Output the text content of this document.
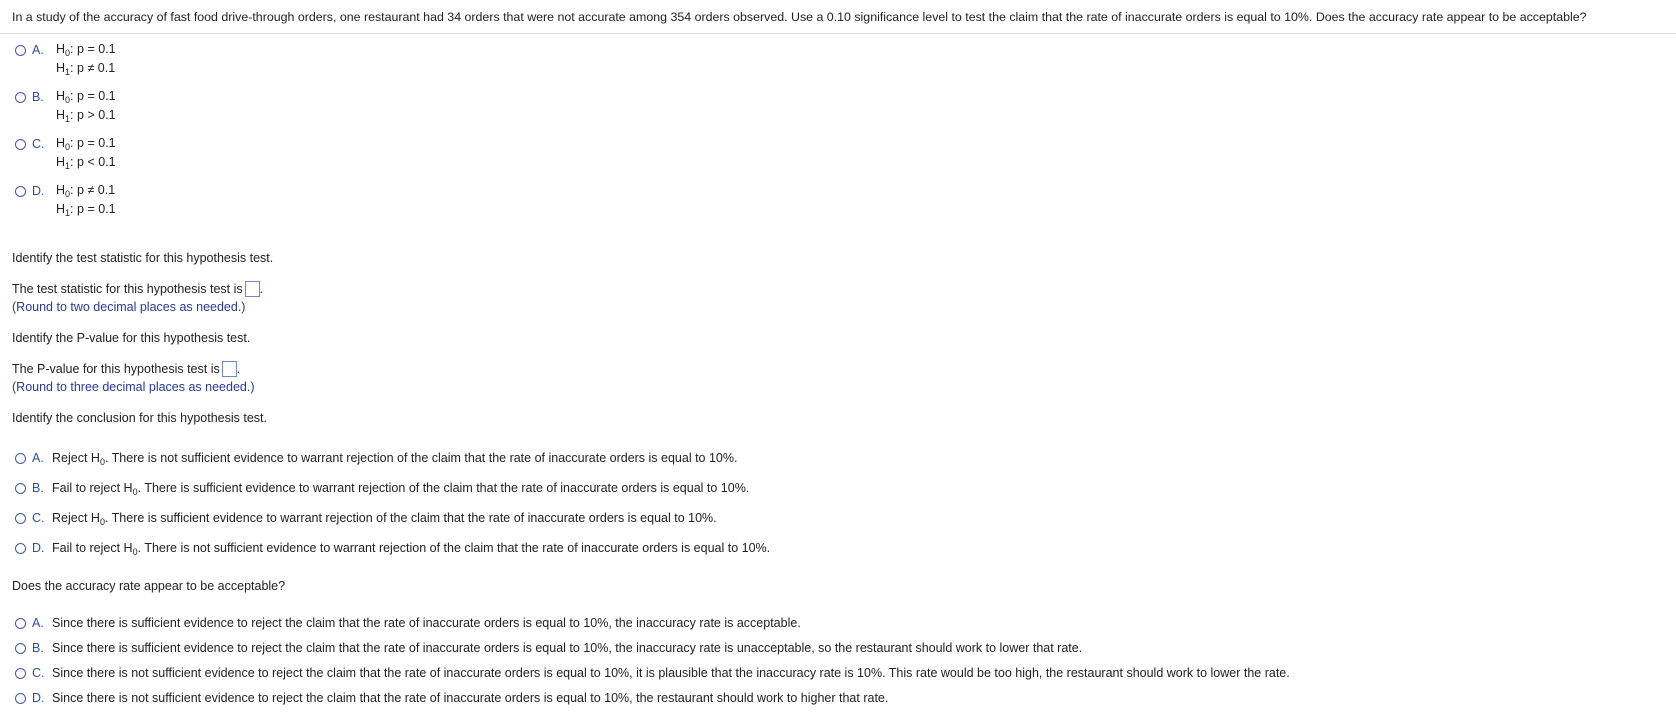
In a study of the accuracy of fast food drive-through orders, one restaurant had 34 orders that were not accurate among 354 orders observed. Use a 0.10 significance level to test the claim that the rate of inaccurate orders is equal to 10%. Does the accuracy rate appear to be acceptable?
A. $H_0$: p = 0.1
$H_1$: p ≠ 0.1
B. $H_0$: p = 0.1
$H_1$: p > 0.1
C. $H_0$: p = 0.1
$H_1$: p < 0.1
D. $H_0$: p ≠ 0.1
$H_1$: p = 0.1
Identify the test statistic for this hypothesis test.
The test statistic for this hypothesis test is .
(Round to two decimal places as needed.)
Identify the P-value for this hypothesis test.
The P-value for this hypothesis test is .
(Round to three decimal places as needed.)
Identify the conclusion for this hypothesis test.
A. Reject $H_0$. There is not sufficient evidence to warrant rejection of the claim that the rate of inaccurate orders is equal to 10%.
B. Fail to reject $H_0$. There is sufficient evidence to warrant rejection of the claim that the rate of inaccurate orders is equal to 10%.
C. Reject $H_0$. There is sufficient evidence to warrant rejection of the claim that the rate of inaccurate orders is equal to 10%.
D. Fail to reject $H_0$. There is not sufficient evidence to warrant rejection of the claim that the rate of inaccurate orders is equal to 10%.
Does the accuracy rate appear to be acceptable?
A. Since there is sufficient evidence to reject the claim that the rate of inaccurate orders is equal to 10%, the inaccuracy rate is acceptable.
B. Since there is sufficient evidence to reject the claim that the rate of inaccurate orders is equal to 10%, the inaccuracy rate is unacceptable, so the restaurant should work to lower that rate.
C. Since there is not sufficient evidence to reject the claim that the rate of inaccurate orders is equal to 10%, it is plausible that the inaccuracy rate is 10%. This rate would be too high, the restaurant should work to lower the rate.
D. Since there is not sufficient evidence to reject the claim that the rate of inaccurate orders is equal to 10%, the restaurant should work to higher that rate.
